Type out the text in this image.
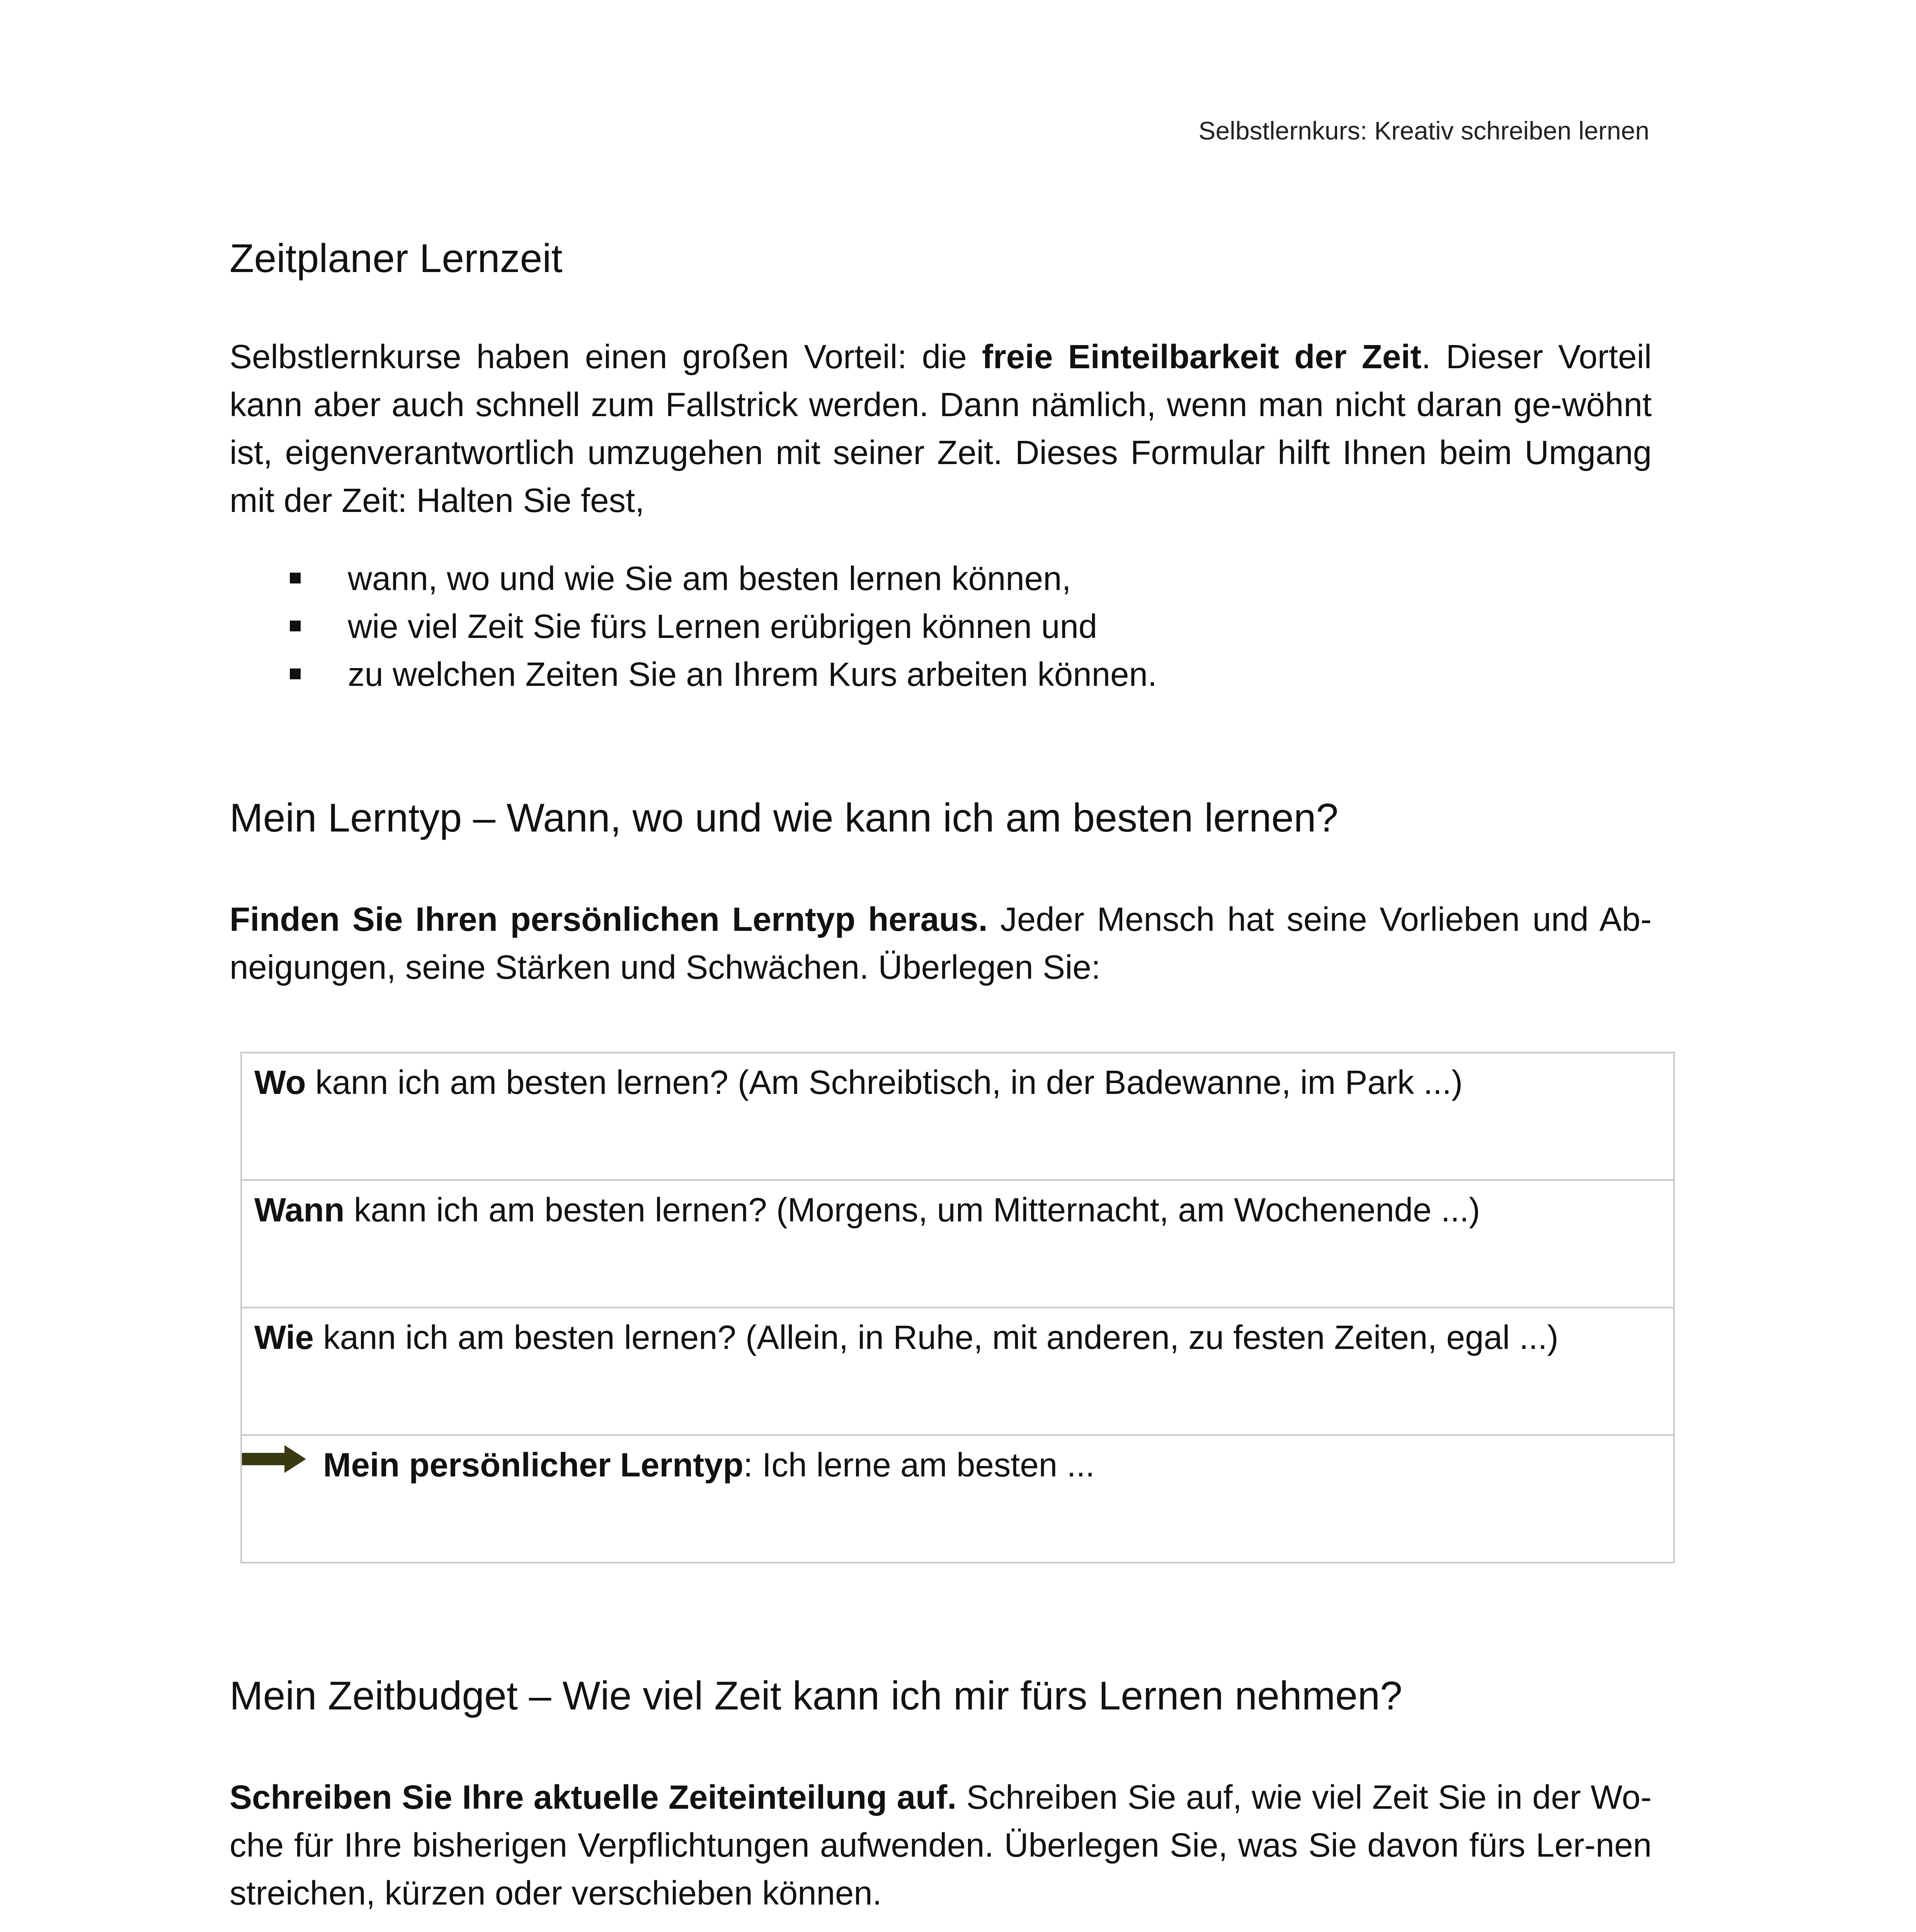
Selbstlernkurs: Kreativ schreiben lernen
Zeitplaner Lernzeit
Selbstlernkurse haben einen großen Vorteil: die freie Einteilbarkeit der Zeit. Dieser Vorteil kann aber auch schnell zum Fallstrick werden. Dann nämlich, wenn man nicht daran ge-wöhnt ist, eigenverantwortlich umzugehen mit seiner Zeit. Dieses Formular hilft Ihnen beim Umgang mit der Zeit: Halten Sie fest,
wann, wo und wie Sie am besten lernen können,
wie viel Zeit Sie fürs Lernen erübrigen können und
zu welchen Zeiten Sie an Ihrem Kurs arbeiten können.
Mein Lerntyp – Wann, wo und wie kann ich am besten lernen?
Finden Sie Ihren persönlichen Lerntyp heraus. Jeder Mensch hat seine Vorlieben und Ab-neigungen, seine Stärken und Schwächen. Überlegen Sie:
Wo kann ich am besten lernen? (Am Schreibtisch, in der Badewanne, im Park ...)
Wann kann ich am besten lernen? (Morgens, um Mitternacht, am Wochenende ...)
Wie kann ich am besten lernen? (Allein, in Ruhe, mit anderen, zu festen Zeiten, egal ...)

Mein persönlicher Lerntyp: Ich lerne am besten ...
Mein Zeitbudget – Wie viel Zeit kann ich mir fürs Lernen nehmen?
Schreiben Sie Ihre aktuelle Zeiteinteilung auf. Schreiben Sie auf, wie viel Zeit Sie in der Wo-che für Ihre bisherigen Verpflichtungen aufwenden. Überlegen Sie, was Sie davon fürs Ler-nen streichen, kürzen oder verschieben können.
